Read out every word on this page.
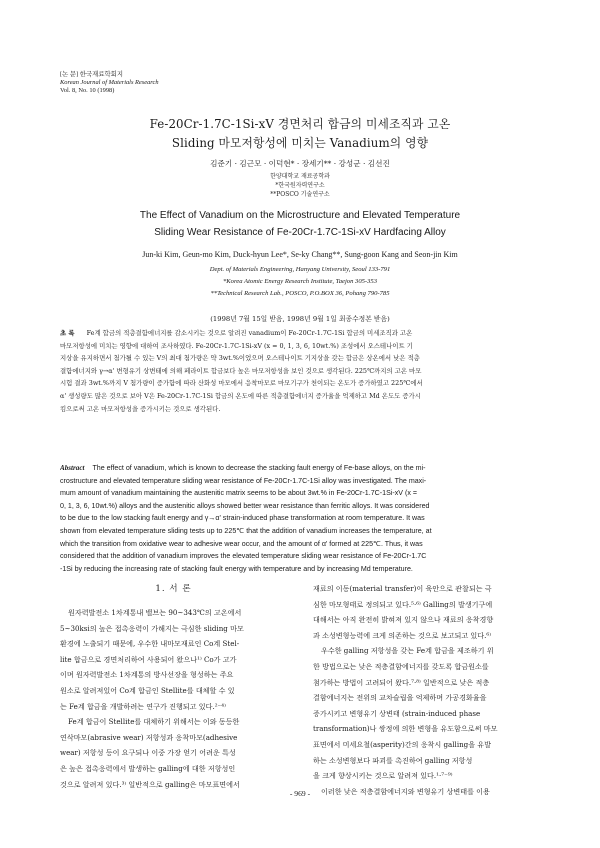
[논 문] 한국재료학회지
Korean Journal of Materials Research
Vol. 8, No. 10 (1998)
Fe-20Cr-1.7C-1Si-xV 경면처리 합금의 미세조직과 고온
Sliding 마모저항성에 미치는 Vanadium의 영향
김준기 · 김근모 · 이덕현* · 장세기** · 강성군 · 김선진
한양대학교 재료공학과
*한국원자력연구소
**POSCO 기술연구소
The Effect of Vanadium on the Microstructure and Elevated Temperature
Sliding Wear Resistance of Fe-20Cr-1.7C-1Si-xV Hardfacing Alloy
Jun-ki Kim, Geun-mo Kim, Duck-hyun Lee*, Se-ky Chang**, Sung-goon Kang and Seon-jin Kim
Dept. of Materials Engineering, Hanyang University, Seoul 133-791
*Korea Atomic Energy Research Institute, Taejon 305-353
**Technical Research Lab., POSCO, P.O.BOX 36, Pohang 790-785
(1998년 7월 15일 받음, 1998년 9월 1일 최종수정본 받음)
초 록 Fe계 합금의 적층결함에너지를 감소시키는 것으로 알려진 vanadium이 Fe-20Cr-1.7C-1Si 합금의 미세조직과 고온
마모저항성에 미치는 영향에 대하여 조사하였다. Fe-20Cr-1.7C-1Si-xV (x = 0, 1, 3, 6, 10wt.%) 조성에서 오스테나이트 기
지상을 유지하면서 첨가될 수 있는 V의 최대 첨가량은 약 3wt.%이었으며 오스테나이트 기지상을 갖는 합금은 상온에서 낮은 적층
결함에너지와 γ→α' 변형유기 상변태에 의해 페라이트 합금보다 높은 마모저항성을 보인 것으로 생각된다. 225℃까지의 고온 마모
시험 결과 3wt.%까지 V 첨가량이 증가함에 따라 산화성 마모에서 응착마모로 마모기구가 천이되는 온도가 증가하였고 225℃에서
α' 생성량도 많은 것으로 보아 V은 Fe-20Cr-1.7C-1Si 합금의 온도에 따른 적층결함에너지 증가율을 억제하고 Md 온도도 증가시
킴으로써 고온 마모저항성을 증가시키는 것으로 생각된다.
Abstract The effect of vanadium, which is known to decrease the stacking fault energy of Fe-base alloys, on the mi-
crostructure and elevated temperature sliding wear resistance of Fe-20Cr-1.7C-1Si alloy was investigated. The maxi-
mum amount of vanadium maintaining the austenitic matrix seems to be about 3wt.% in Fe-20Cr-1.7C-1Si-xV (x =
0, 1, 3, 6, 10wt.%) alloys and the austenitic alloys showed better wear resistance than ferritic alloys. It was considered
to be due to the low stacking fault energy and γ→α' strain-induced phase transformation at room temperature. It was
shown from elevated temperature sliding tests up to 225℃ that the addition of vanadium increases the temperature, at
which the transition from oxidative wear to adhesive wear occur, and the amount of α' formed at 225℃. Thus, it was
considered that the addition of vanadium improves the elevated temperature sliding wear resistance of Fe-20Cr-1.7C
-1Si by reducing the increasing rate of stacking fault energy with temperature and by increasing Md temperature.
1. 서 론
원자력발전소 1차계통내 밸브는 90~343℃의 고온에서
5~30ksi의 높은 접촉응력이 가해지는 극심한 sliding 마모
환경에 노출되기 때문에, 우수한 내마모재료인 Co계 Stel-
lite 합금으로 경면처리하여 사용되어 왔으나¹⁾ Co가 고가
이며 원자력발전소 1차계통의 방사선장을 형성하는 주요
원소로 알려져있어 Co계 합금인 Stellite를 대체할 수 있
는 Fe계 합금을 개발하려는 연구가 진행되고 있다.²⁻⁴⁾
Fe계 합금이 Stellite를 대체하기 위해서는 이와 동등한
연삭마모(abrasive wear) 저항성과 응착마모(adhesive
wear) 저항성 등이 요구되나 이중 가장 얻기 어려운 특성
은 높은 접촉응력에서 발생하는 galling에 대한 저항성인
것으로 알려져 있다.³⁾ 일반적으로 galling은 마모표면에서
재료의 이동(material transfer)이 육안으로 관찰되는 극
심한 마모형태로 정의되고 있다.⁵·⁶⁾ Galling의 발생기구에
대해서는 아직 완전히 밝혀져 있지 않으나 재료의 응착경향
과 소성변형능력에 크게 의존하는 것으로 보고되고 있다.⁶⁾
우수한 galling 저항성을 갖는 Fe계 합금을 제조하기 위
한 방법으로는 낮은 적층결함에너지를 갖도록 합금원소를
첨가하는 방법이 고려되어 왔다.⁷·⁸⁾ 일반적으로 낮은 적층
결함에너지는 전위의 교차슬립을 억제하며 가공경화율을
증가시키고 변형유기 상변태 (strain-induced phase
transformation)나 쌍정에 의한 변형을 유도함으로써 마모
표면에서 미세요철(asperity)간의 응착시 galling을 유발
하는 소성변형보다 파괴를 촉진하여 galling 저항성
을 크게 향상시키는 것으로 알려져 있다.¹·⁷⁻⁹⁾
이러한 낮은 적층결함에너지와 변형유기 상변태를 이용
- 969 -
